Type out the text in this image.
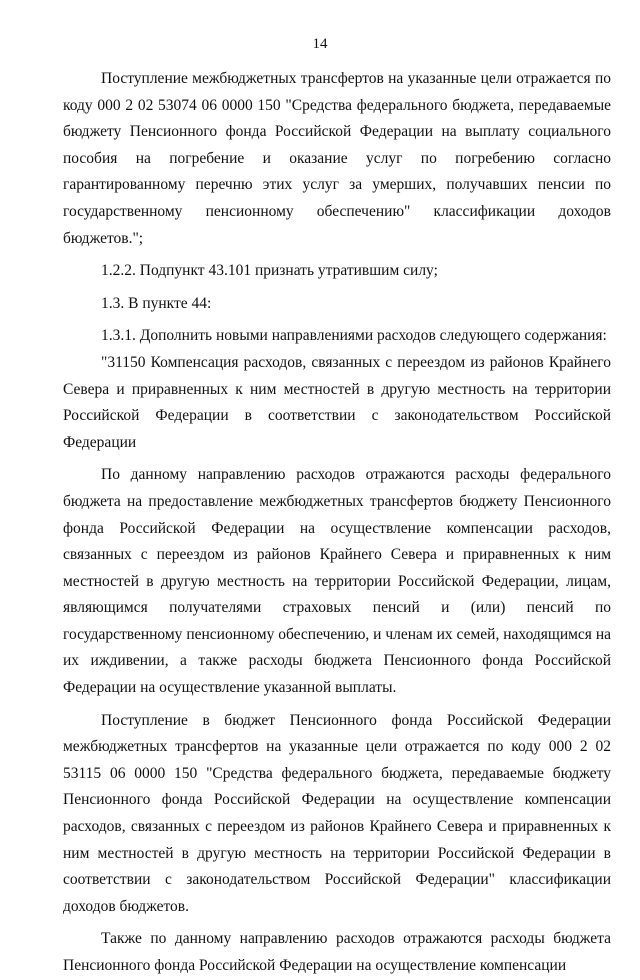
14

Поступление межбюджетных трансфертов на указанные цели отражается по коду 000 2 02 53074 06 0000 150 "Средства федерального бюджета, передаваемые бюджету Пенсионного фонда Российской Федерации на выплату социального пособия на погребение и оказание услуг по погребению согласно гарантированному перечню этих услуг за умерших, получавших пенсии по государственному пенсионному обеспечению" классификации доходов бюджетов.";

1.2.2. Подпункт 43.101 признать утратившим силу;

1.3. В пункте 44:

1.3.1. Дополнить новыми направлениями расходов следующего содержания:

"31150 Компенсация расходов, связанных с переездом из районов Крайнего Севера и приравненных к ним местностей в другую местность на территории Российской Федерации в соответствии с законодательством Российской Федерации

По данному направлению расходов отражаются расходы федерального бюджета на предоставление межбюджетных трансфертов бюджету Пенсионного фонда Российской Федерации на осуществление компенсации расходов, связанных с переездом из районов Крайнего Севера и приравненных к ним местностей в другую местность на территории Российской Федерации, лицам, являющимся получателями страховых пенсий и (или) пенсий по государственному пенсионному обеспечению, и членам их семей, находящимся на их иждивении, а также расходы бюджета Пенсионного фонда Российской Федерации на осуществление указанной выплаты.

Поступление в бюджет Пенсионного фонда Российской Федерации межбюджетных трансфертов на указанные цели отражается по коду 000 2 02 53115 06 0000 150 "Средства федерального бюджета, передаваемые бюджету Пенсионного фонда Российской Федерации на осуществление компенсации расходов, связанных с переездом из районов Крайнего Севера и приравненных к ним местностей в другую местность на территории Российской Федерации в соответствии с законодательством Российской Федерации" классификации доходов бюджетов.

Также по данному направлению расходов отражаются расходы бюджета Пенсионного фонда Российской Федерации на осуществление компенсации
